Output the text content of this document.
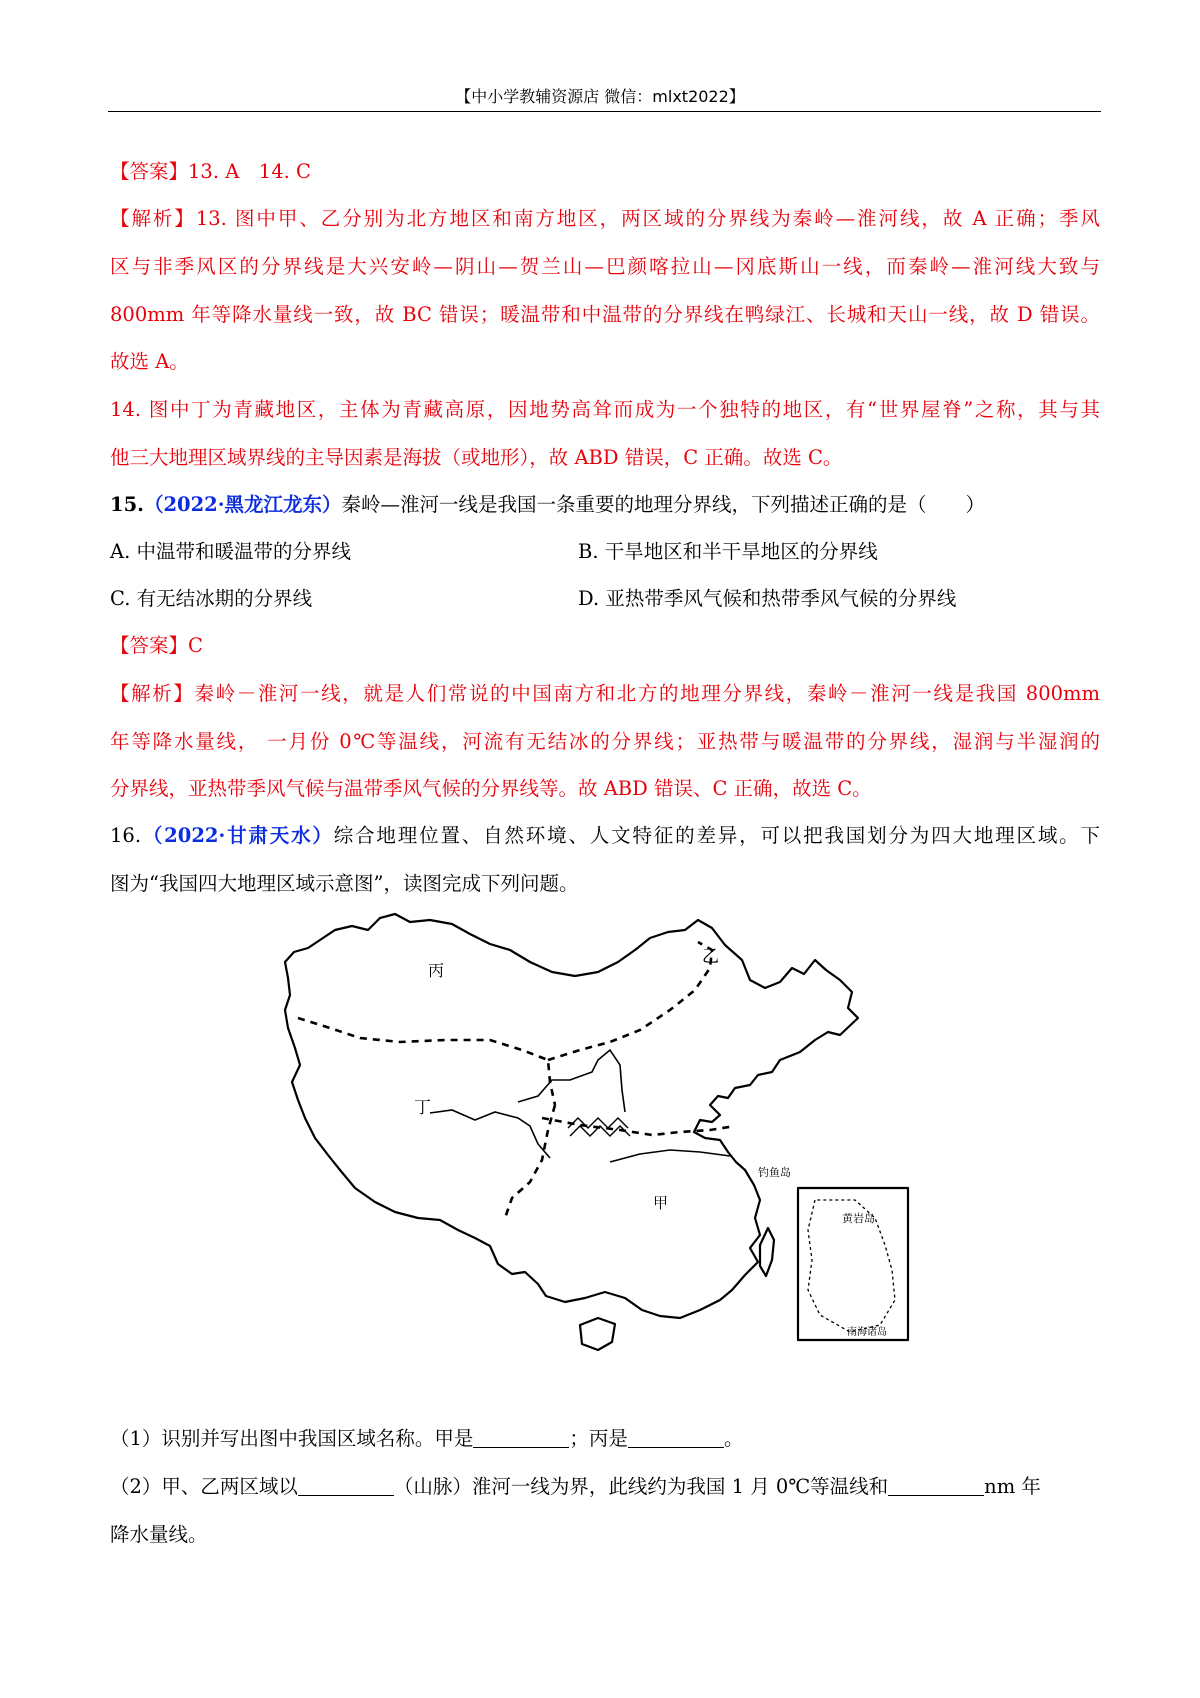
【中小学教辅资源店 微信：mlxt2022】
【答案】13. A　14. C
【解析】13. 图中甲、乙分别为北方地区和南方地区，两区域的分界线为秦岭—淮河线，故 A 正确；季风
区与非季风区的分界线是大兴安岭—阴山—贺兰山—巴颜喀拉山—冈底斯山一线，而秦岭—淮河线大致与
800mm 年等降水量线一致，故 BC 错误；暖温带和中温带的分界线在鸭绿江、长城和天山一线，故 D 错误。
故选 A。
14. 图中丁为青藏地区，主体为青藏高原，因地势高耸而成为一个独特的地区，有“世界屋脊”之称，其与其
他三大地理区域界线的主导因素是海拔（或地形），故 ABD 错误，C 正确。故选 C。
15.（2022·黑龙江龙东）秦岭—淮河一线是我国一条重要的地理分界线，下列描述正确的是（　　）
A. 中温带和暖温带的分界线	B. 干旱地区和半干旱地区的分界线
C. 有无结冰期的分界线	D. 亚热带季风气候和热带季风气候的分界线
【答案】C
【解析】秦岭－淮河一线，就是人们常说的中国南方和北方的地理分界线，秦岭－淮河一线是我国 800mm
年等降水量线， 一月份 0℃等温线，河流有无结冰的分界线；亚热带与暖温带的分界线，湿润与半湿润的
分界线，亚热带季风气候与温带季风气候的分界线等。故 ABD 错误、C 正确，故选 C。
16.（2022·甘肃天水）综合地理位置、自然环境、人文特征的差异，可以把我国划分为四大地理区域。下
图为“我国四大地理区域示意图”，读图完成下列问题。
丙
乙
丁
甲
钓鱼岛
黄岩岛
南海诸岛
（1）识别并写出图中我国区域名称。甲是	；丙是	。
（2）甲、乙两区域以	（山脉）淮河一线为界，此线约为我国 1 月 0℃等温线和	nm 年
降水量线。
